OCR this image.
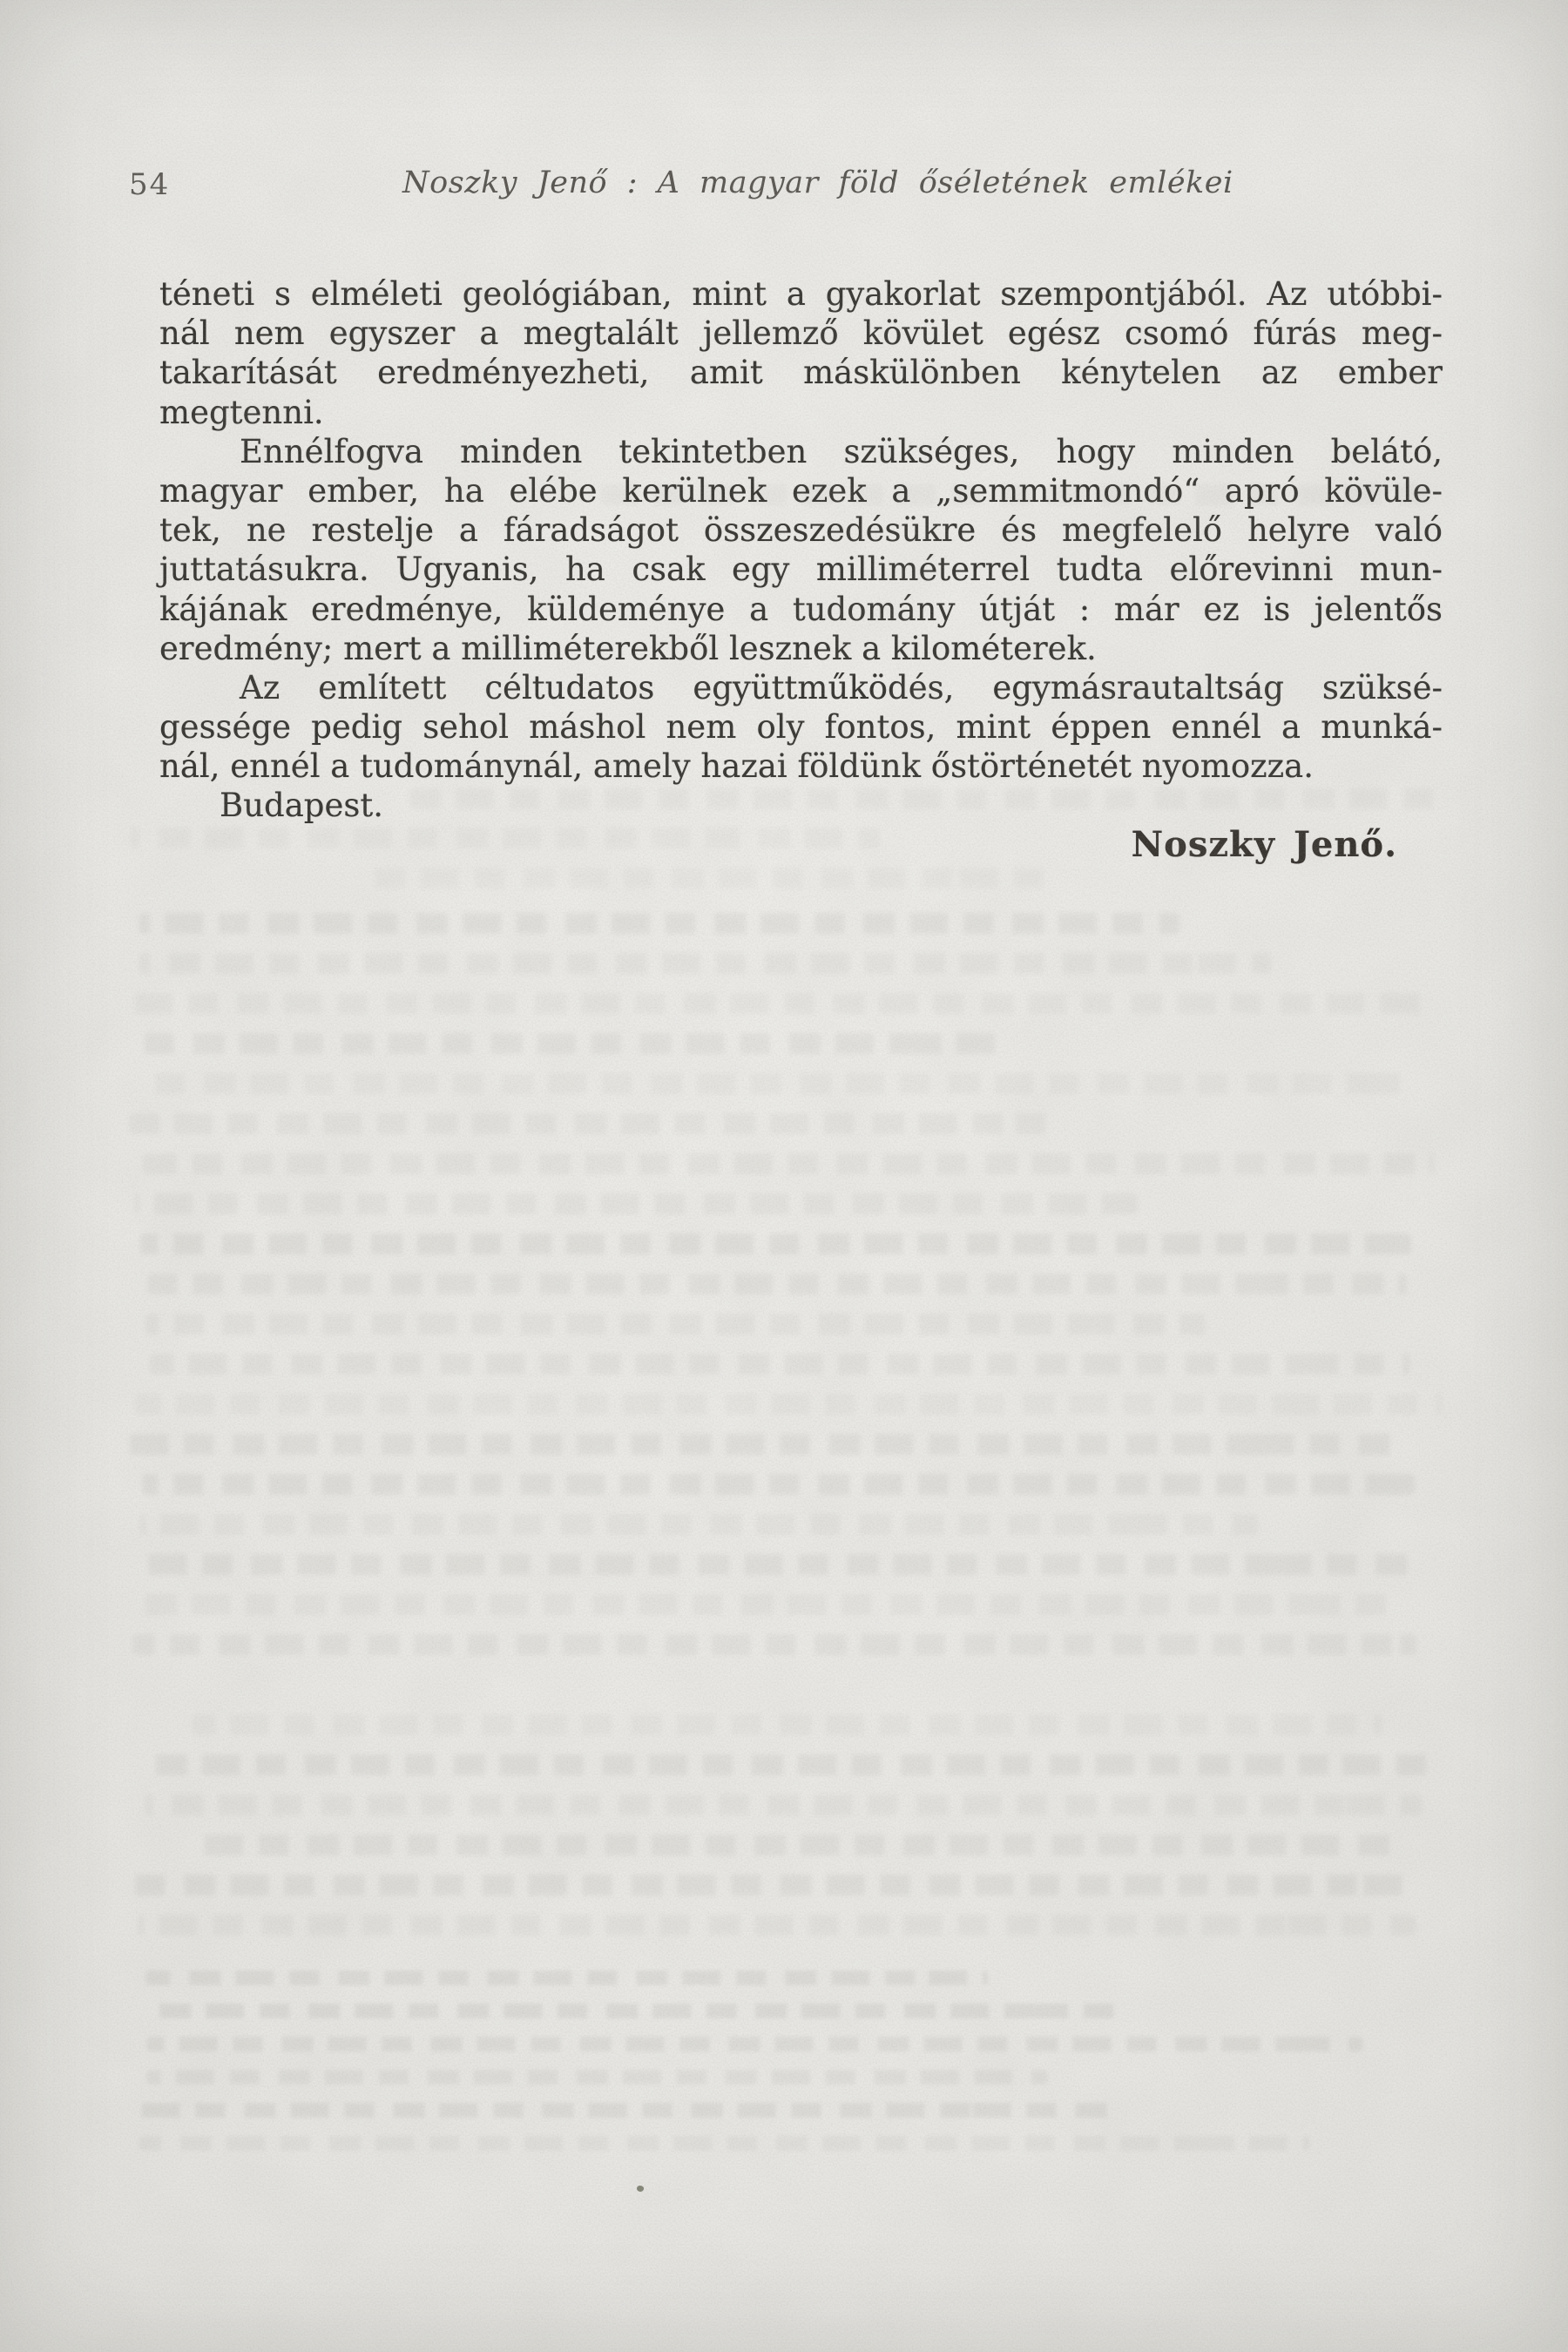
54	Noszky Jenő : A magyar föld őséletének emlékei
téneti s elméleti geológiában, mint a gyakorlat szempontjából. Az utóbbi-
nál nem egyszer a megtalált jellemző kövület egész csomó fúrás meg-
takarítását eredményezheti, amit máskülönben kénytelen az ember
megtenni.
Ennélfogva minden tekintetben szükséges, hogy minden belátó,
magyar ember, ha elébe kerülnek ezek a „semmitmondó“ apró kövüle-
tek, ne restelje a fáradságot összeszedésükre és megfelelő helyre való
juttatásukra. Ugyanis, ha csak egy milliméterrel tudta előrevinni mun-
kájának eredménye, küldeménye a tudomány útját : már ez is jelentős
eredmény; mert a milliméterekből lesznek a kilométerek.
Az említett céltudatos együttműködés, egymásrautaltság szüksé-
gessége pedig sehol máshol nem oly fontos, mint éppen ennél a munká-
nál, ennél a tudománynál, amely hazai földünk őstörténetét nyomozza.
Budapest.
Noszky Jenő.
